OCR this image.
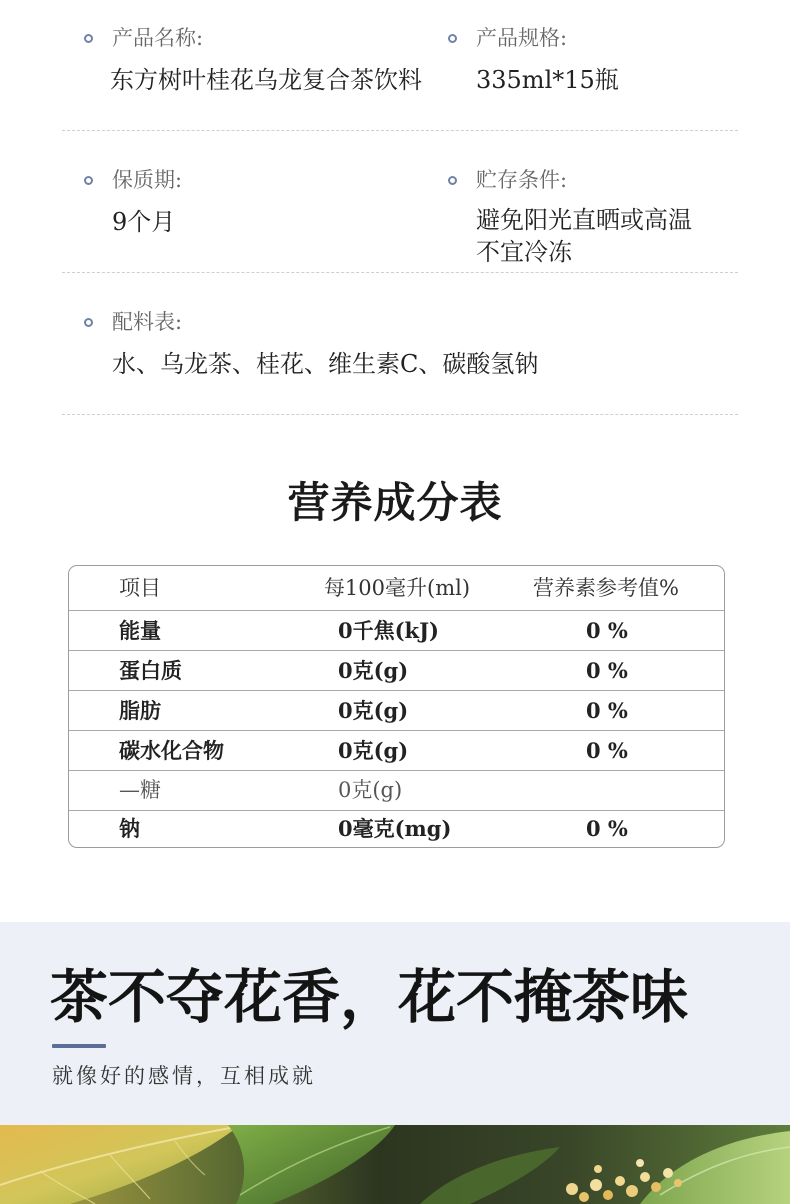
产品名称:
东方树叶桂花乌龙复合茶饮料
产品规格:
335ml*15瓶
保质期:
9个月
贮存条件:
避免阳光直晒或高温
不宜冷冻
配料表:
水、乌龙茶、桂花、维生素C、碳酸氢钠
营养成分表
项目	每100毫升(ml)	营养素参考值%
能量	0千焦(kJ)	0 %
蛋白质	0克(g)	0 %
脂肪	0克(g)	0 %
碳水化合物	0克(g)	0 %
—糖	0克(g)
钠	0毫克(mg)	0 %
茶不夺花香，花不掩茶味
就像好的感情，互相成就
